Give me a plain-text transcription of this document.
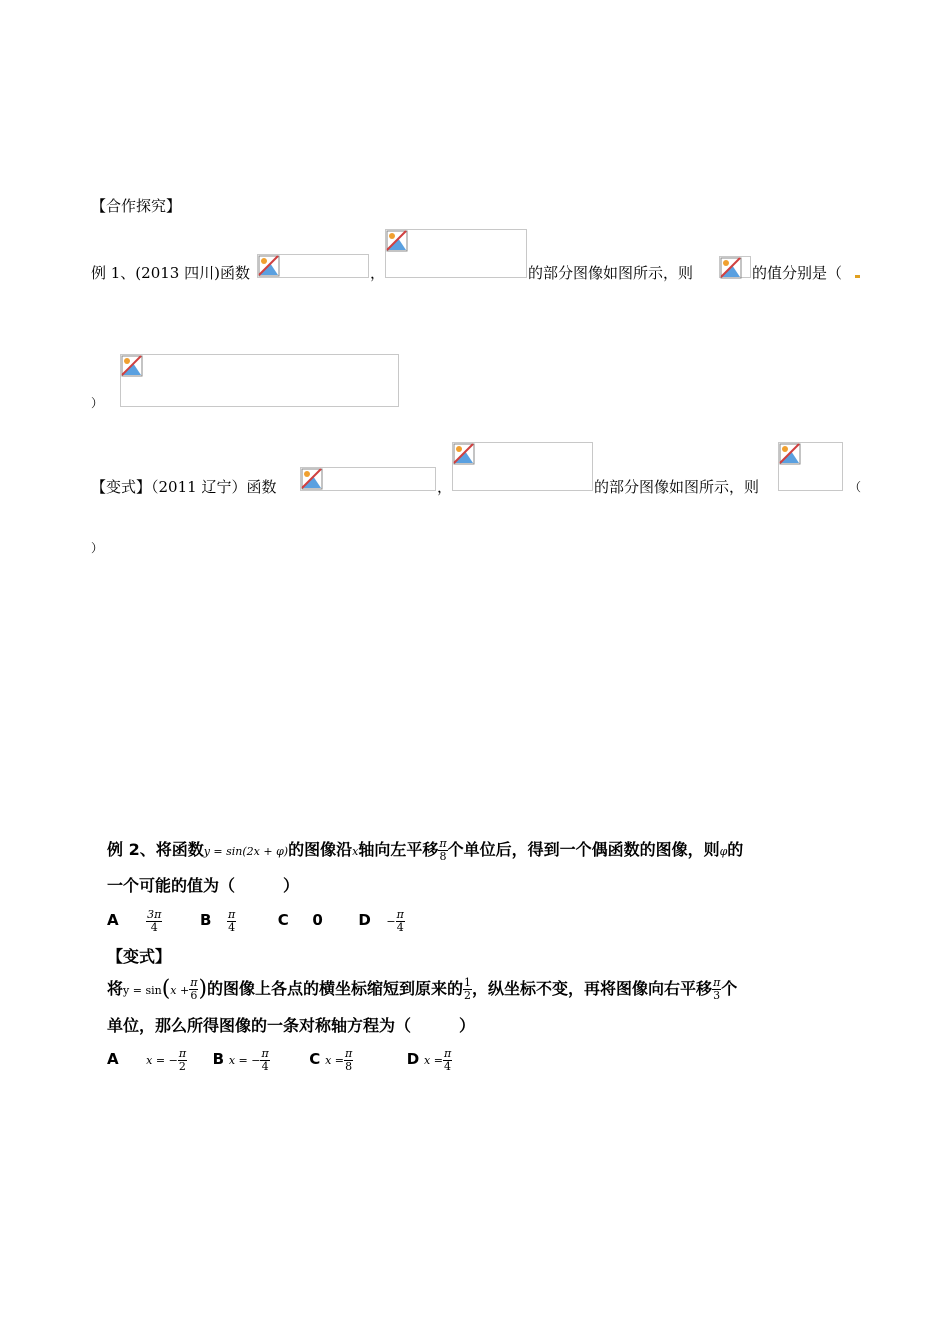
【合作探究】
例 1、(2013 四川)函数	，	的部分图像如图所示，则	的值分别是（
）
【变式】（2011 辽宁）函数	，	的部分图像如图所示，则	（
）
例 2、将函数y = sin(2x + φ)的图像沿x轴向左平移 $\frac{\pi}{8}$ 个单位后，得到一个偶函数的图像，则φ的
一个可能的值为（　　　）
A	$\frac{3\pi}{4}$	B $\frac{\pi}{4}$	C 0 $D - \frac{\pi}{4}$
【变式】
将$y = \sin(x + \frac{\pi}{6}$ )的图像上各点的横坐标缩短到原来的 $\frac{1}{2}$ ，纵坐标不变，再将图像向右平移 $\frac{\pi}{3}$ 个
单位，那么所得图像的一条对称轴方程为（　　　）
A	x = − $\frac{\pi}{2}$ B x = − $\frac{\pi}{4}$	C $x = \frac{\pi}{8}$	D $x = \frac{\pi}{4}$
